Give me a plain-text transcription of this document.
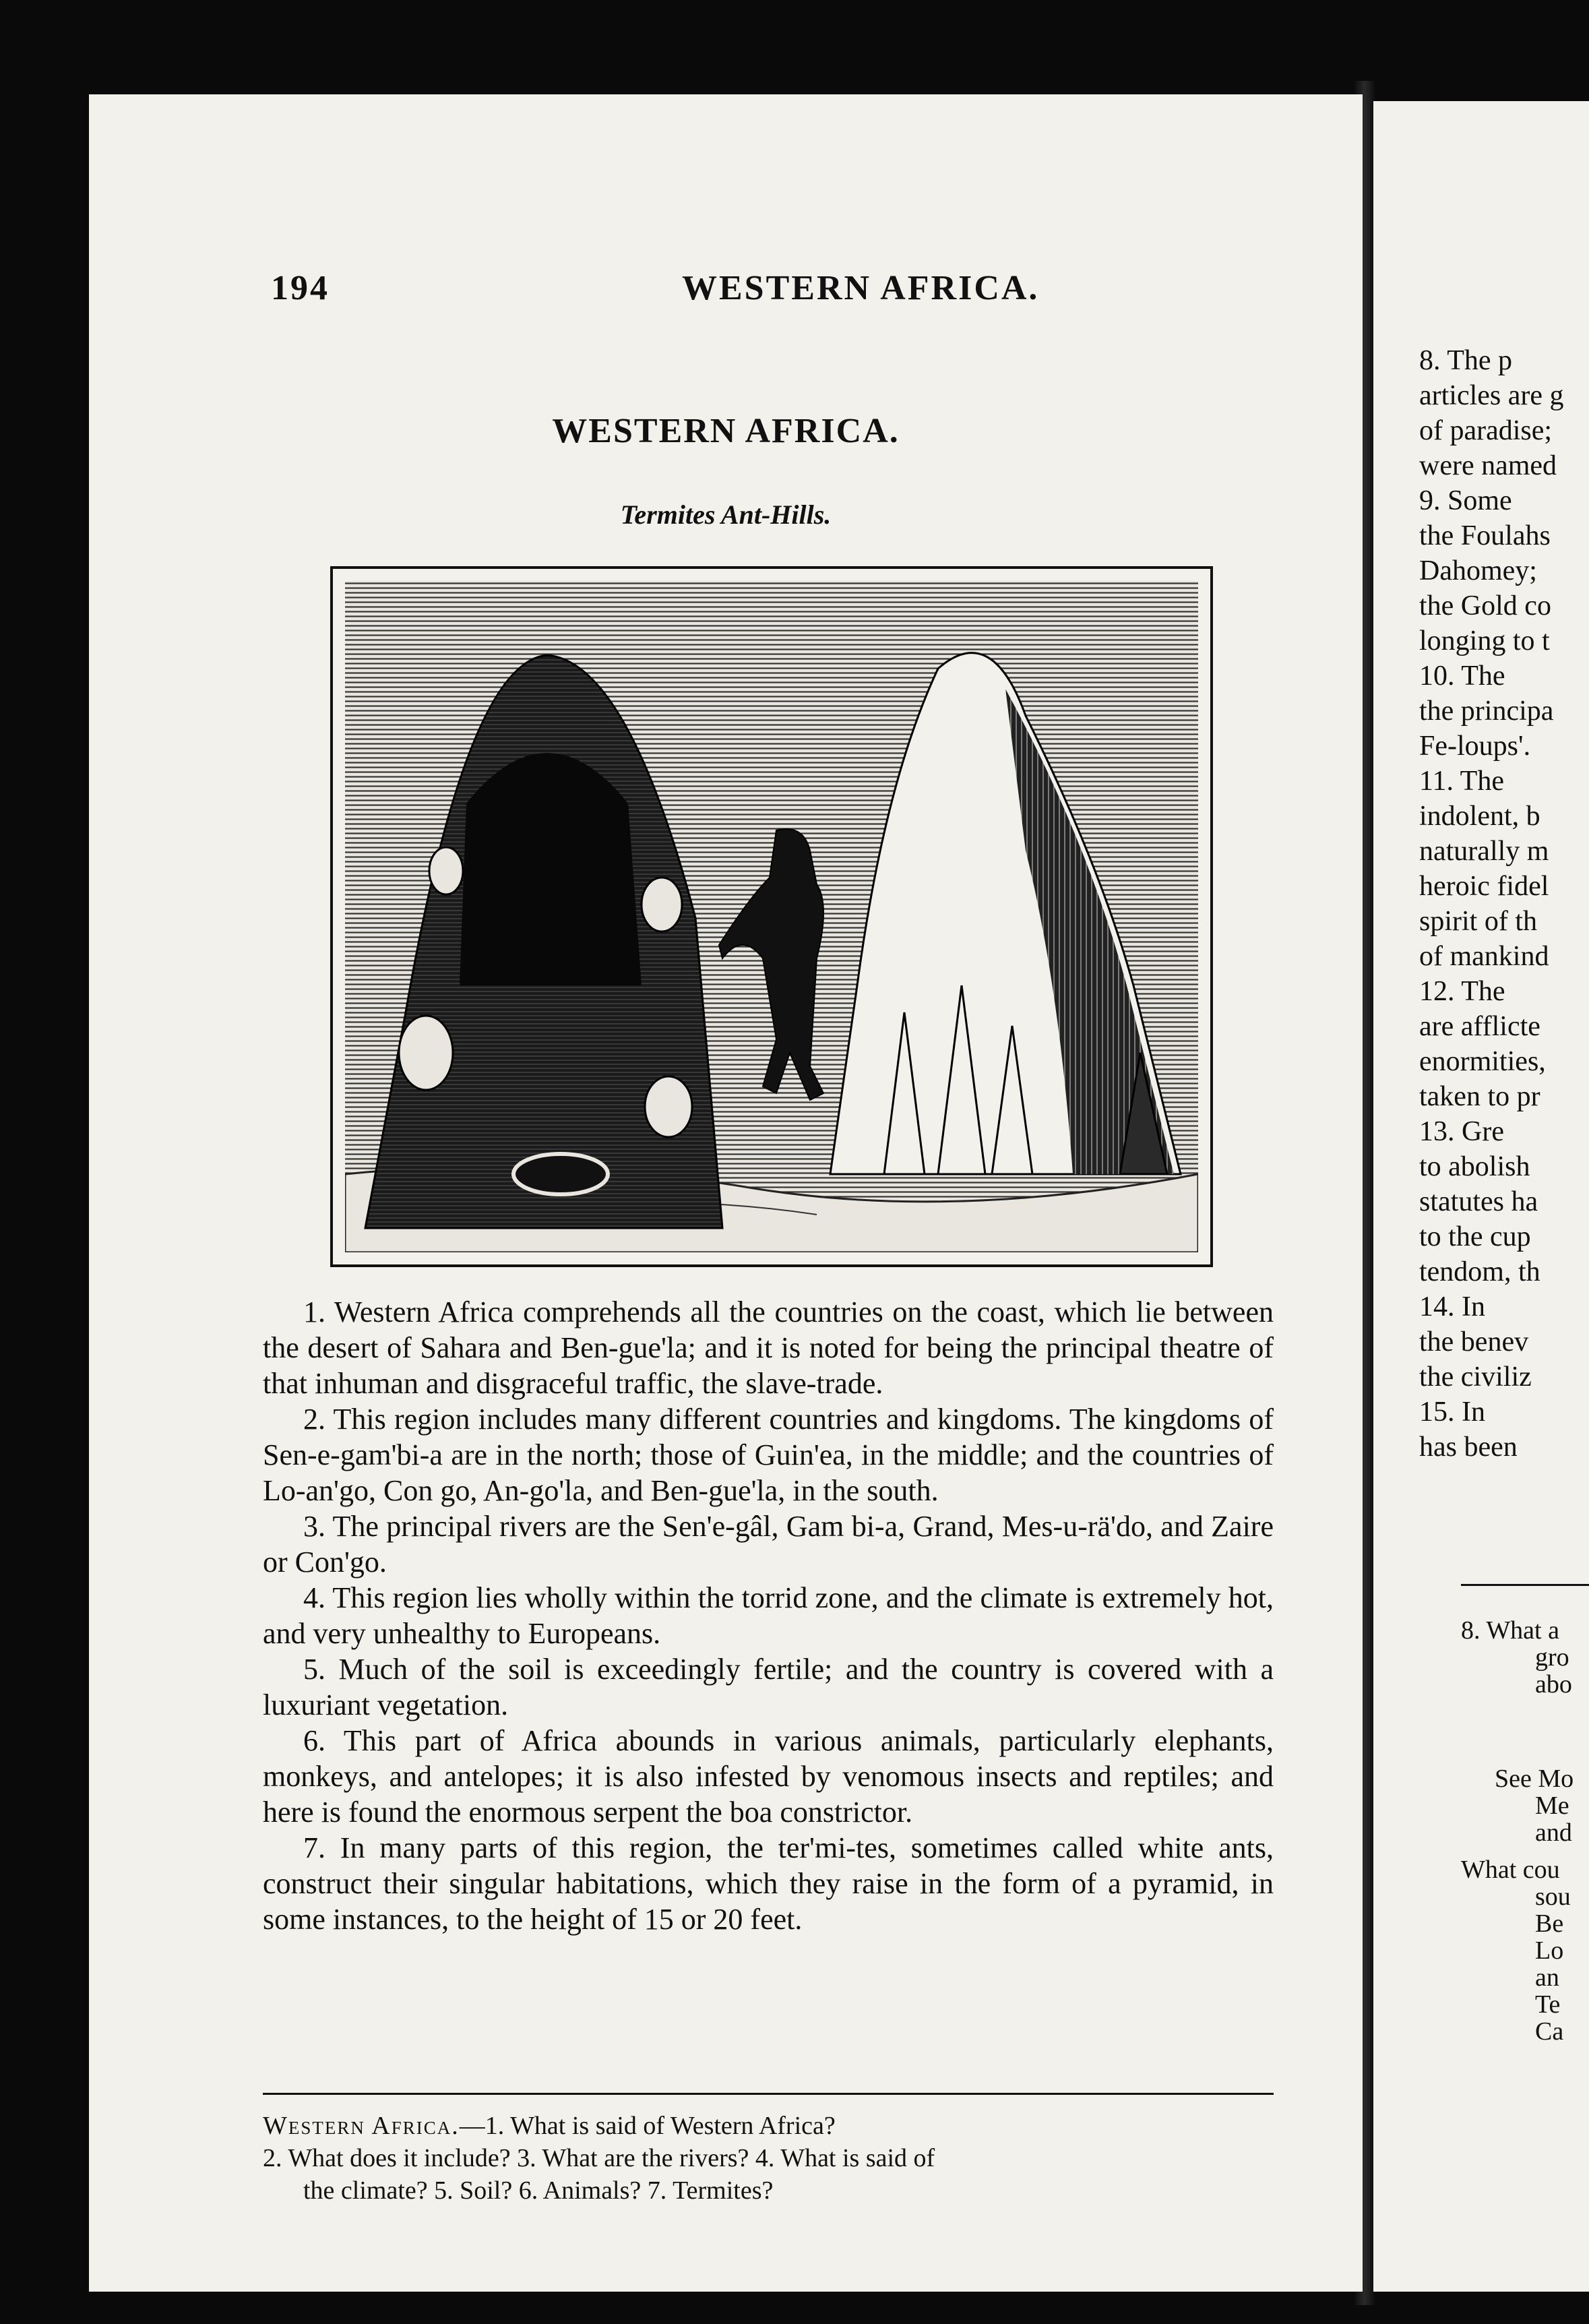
194	WESTERN AFRICA.
WESTERN AFRICA.
Termites Ant-Hills.

1. Western Africa comprehends all the countries on the coast, which lie between the desert of Sahara and Ben-gue'la; and it is noted for being the principal theatre of that inhuman and disgraceful traffic, the slave-trade.

2. This region includes many different countries and kingdoms. The kingdoms of Sen-e-gam'bi-a are in the north; those of Guin'ea, in the middle; and the countries of Lo-an'go, Con go, An-go'la, and Ben-gue'la, in the south.

3. The principal rivers are the Sen'e-gâl, Gam bi-a, Grand, Mes-u-rä'do, and Zaire or Con'go.

4. This region lies wholly within the torrid zone, and the climate is extremely hot, and very unhealthy to Europeans.

5. Much of the soil is exceedingly fertile; and the country is covered with a luxuriant vegetation.

6. This part of Africa abounds in various animals, particularly elephants, monkeys, and antelopes; it is also infested by venomous insects and reptiles; and here is found the enormous serpent the boa constrictor.

7. In many parts of this region, the ter'mi-tes, sometimes called white ants, construct their singular habitations, which they raise in the form of a pyramid, in some instances, to the height of 15 or 20 feet.

Western Africa.—1. What is said of Western Africa?

2. What does it include? 3. What are the rivers? 4. What is said of

the climate? 5. Soil? 6. Animals? 7. Termites?

8. The p
articles are g
of paradise;
were named
9. Some
the Foulahs
Dahomey;
the Gold co
longing to t
10. The
the principa
Fe-loups'.
11. The
indolent, b
naturally m
heroic fidel
spirit of th
of mankind
12. The
are afflicte
enormities,
taken to pr
13. Gre
to abolish
statutes ha
to the cup
tendom, th
14. In
the benev
the civiliz
15. In
has been
8. What a
gro
abo
See Mo
Me
and
What cou
sou
Be
Lo
an
Te
Ca
